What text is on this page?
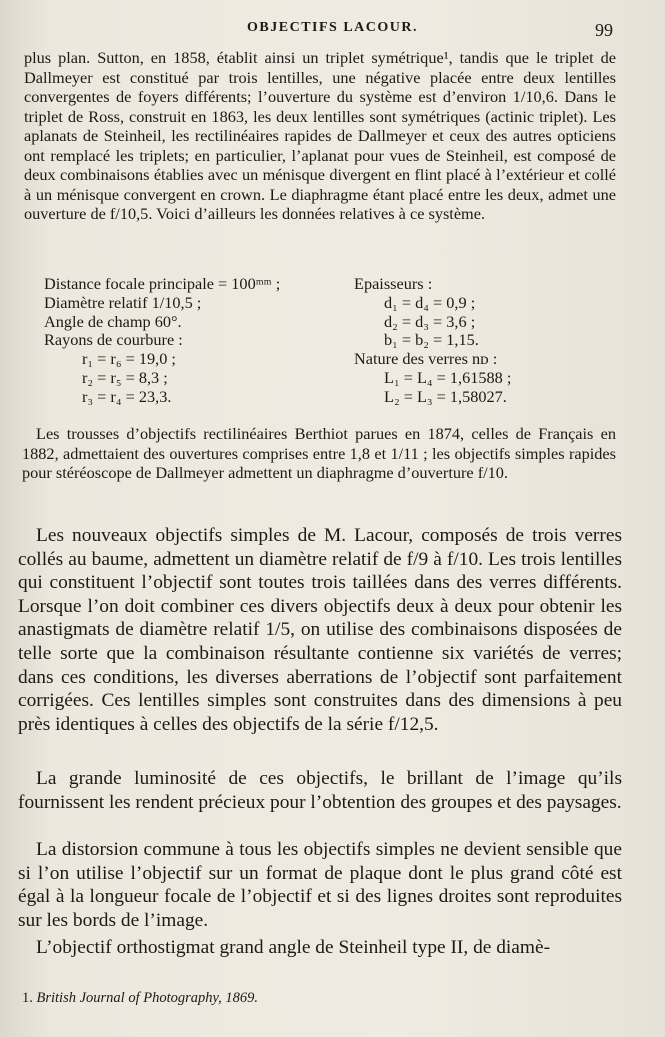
OBJECTIFS LACOUR.	99

plus plan. Sutton, en 1858, établit ainsi un triplet symétrique¹, tandis que le triplet de Dallmeyer est constitué par trois lentilles, une négative placée entre deux lentilles convergentes de foyers différents; l’ouverture du système est d’environ 1/10,6. Dans le triplet de Ross, construit en 1863, les deux lentilles sont symétriques (actinic triplet). Les aplanats de Steinheil, les rectilinéaires rapides de Dallmeyer et ceux des autres opticiens ont remplacé les triplets; en particulier, l’aplanat pour vues de Steinheil, est composé de deux combinaisons établies avec un ménisque divergent en flint placé à l’extérieur et collé à un ménisque convergent en crown. Le diaphragme étant placé entre les deux, admet une ouverture de f/10,5. Voici d’ailleurs les données relatives à ce système.

Distance focale principale = 100ᵐᵐ ;
Diamètre relatif 1/10,5 ;
Angle de champ 60°.
Rayons de courbure :
r₁ = r₆ = 19,0 ;
r₂ = r₅ = 8,3 ;
r₃ = r₄ = 23,3.
Epaisseurs :
d₁ = d₄ = 0,9 ;
d₂ = d₃ = 3,6 ;
b₁ = b₂ = 1,15.
Nature des verres nᴅ :
L₁ = L₄ = 1,61588 ;
L₂ = L₃ = 1,58027.

Les trousses d’objectifs rectilinéaires Berthiot parues en 1874, celles de Français en 1882, admettaient des ouvertures comprises entre 1,8 et 1/11 ; les objectifs simples rapides pour stéréoscope de Dallmeyer admettent un diaphragme d’ouverture f/10.

Les nouveaux objectifs simples de M. Lacour, composés de trois verres collés au baume, admettent un diamètre relatif de f/9 à f/10. Les trois lentilles qui constituent l’objectif sont toutes trois taillées dans des verres différents. Lorsque l’on doit combiner ces divers objectifs deux à deux pour obtenir les anastigmats de diamètre relatif 1/5, on utilise des combinaisons disposées de telle sorte que la combinaison résultante contienne six variétés de verres; dans ces conditions, les diverses aberrations de l’objectif sont parfaitement corrigées. Ces lentilles simples sont construites dans des dimensions à peu près identiques à celles des objectifs de la série f/12,5.

La grande luminosité de ces objectifs, le brillant de l’image qu’ils fournissent les rendent précieux pour l’obtention des groupes et des paysages.

La distorsion commune à tous les objectifs simples ne devient sensible que si l’on utilise l’objectif sur un format de plaque dont le plus grand côté est égal à la longueur focale de l’objectif et si des lignes droites sont reproduites sur les bords de l’image.

L’objectif orthostigmat grand angle de Steinheil type II, de diamè-

1. British Journal of Photography, 1869.
